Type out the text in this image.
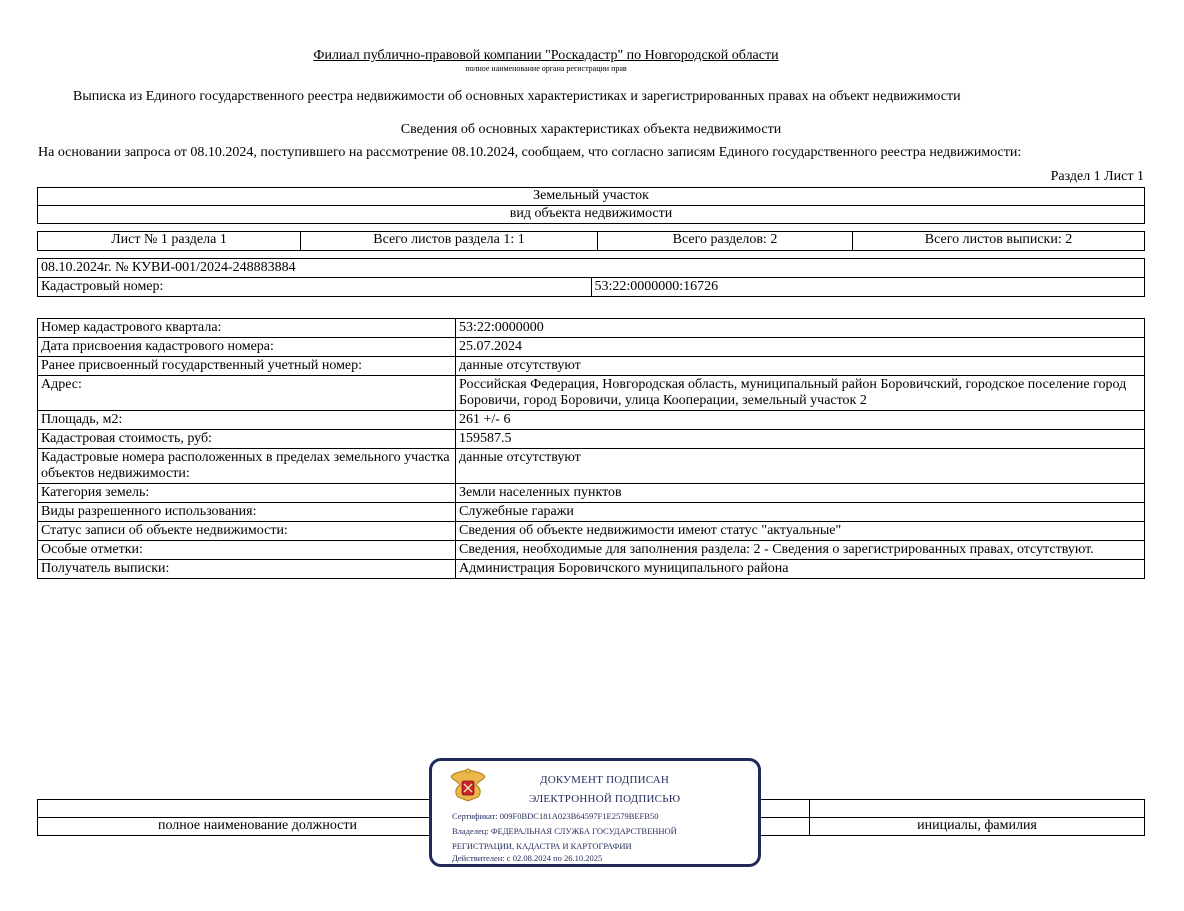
Филиал публично-правовой компании "Роскадастр" по Новгородской области
полное наименование органа регистрации прав
Выписка из Единого государственного реестра недвижимости об основных характеристиках и зарегистрированных правах на объект недвижимости
Сведения об основных характеристиках объекта недвижимости
На основании запроса от 08.10.2024, поступившего на рассмотрение 08.10.2024, сообщаем, что согласно записям Единого государственного реестра недвижимости:
Раздел 1 Лист 1
Земельный участок
вид объекта недвижимости
Лист № 1 раздела 1	Всего листов раздела 1: 1	Всего разделов: 2	Всего листов выписки: 2
08.10.2024г. № КУВИ-001/2024-248883884
Кадастровый номер:	53:22:0000000:16726
Номер кадастрового квартала:	53:22:0000000
Дата присвоения кадастрового номера:	25.07.2024
Ранее присвоенный государственный учетный номер:	данные отсутствуют
Адрес:	Российская Федерация, Новгородская область, муниципальный район Боровичский, городское поселение город Боровичи, город Боровичи, улица Кооперации, земельный участок 2
Площадь, м2:	261 +/- 6
Кадастровая стоимость, руб:	159587.5
Кадастровые номера расположенных в пределах земельного участка объектов недвижимости:	данные отсутствуют
Категория земель:	Земли населенных пунктов
Виды разрешенного использования:	Служебные гаражи
Статус записи об объекте недвижимости:	Сведения об объекте недвижимости имеют статус "актуальные"
Особые отметки:	Сведения, необходимые для заполнения раздела: 2 - Сведения о зарегистрированных правах, отсутствуют.
Получатель выписки:	Администрация Боровичского муниципального района

полное наименование должности		инициалы, фамилия
ДОКУМЕНТ ПОДПИСАН
ЭЛЕКТРОННОЙ ПОДПИСЬЮ
Сертификат: 009F0BDC181A023B64597F1E2579BEFB50
Владелец: ФЕДЕРАЛЬНАЯ СЛУЖБА ГОСУДАРСТВЕННОЙ
РЕГИСТРАЦИИ, КАДАСТРА И КАРТОГРАФИИ
Действителен: с 02.08.2024 по 26.10.2025
